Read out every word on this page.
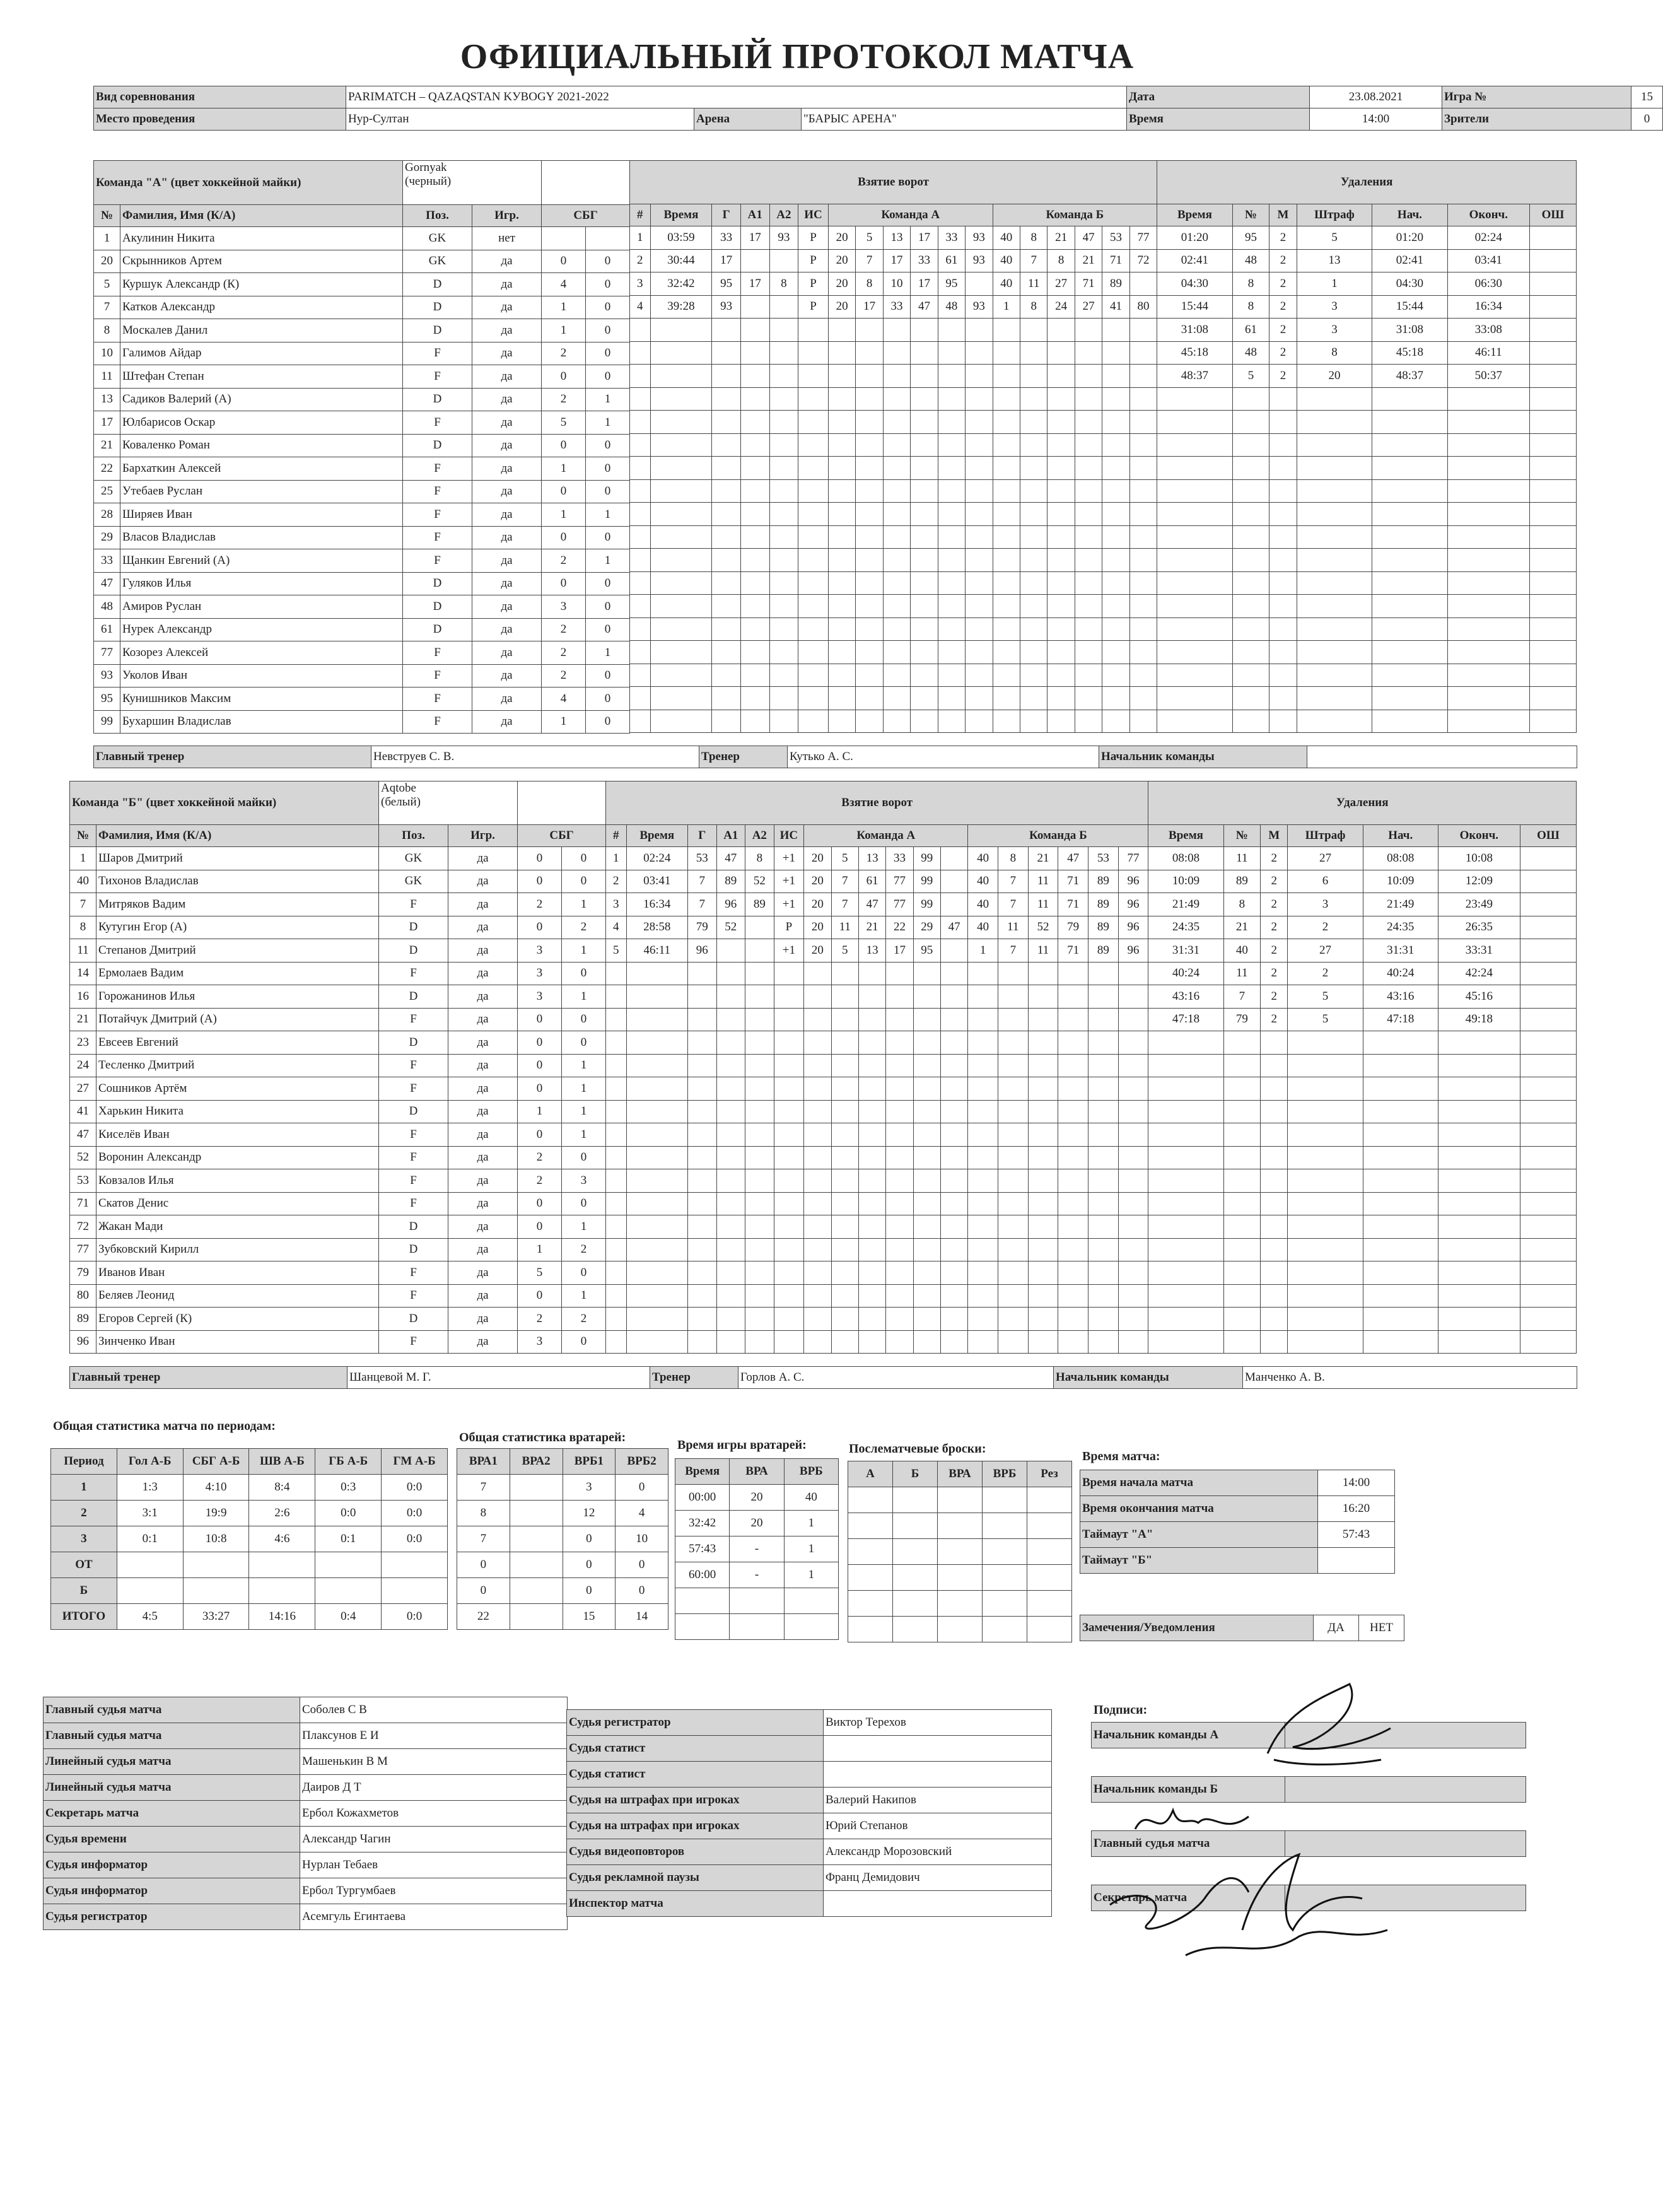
ОФИЦИАЛЬНЫЙ ПРОТОКОЛ МАТЧА
Вид соревнования	PARIMATCH – QAZAQSTAN KУBOGY 2021-2022			Дата	23.08.2021	Игра №	15
Место проведения	Нур-Султан	Арена	"БАРЫС АРЕНА"	Время	14:00	Зрители	0
Команда "А" (цвет хоккейной майки)		Gornyak
(черный)			

№	Фамилия, Имя (К/А)	Поз.	Игр.	СБГ	
1	Акулинин Никита	GK	нет		
20	Скрынников Артем	GK	да	0	0
5	Куршук Александр (К)	D	да	4	0
7	Катков Александр	D	да	1	0
8	Москалев Данил	D	да	1	0
10	Галимов Айдар	F	да	2	0
11	Штефан Степан	F	да	0	0
13	Садиков Валерий (А)	D	да	2	1
17	Юлбарисов Оскар	F	да	5	1
21	Коваленко Роман	D	да	0	0
22	Бархаткин Алексей	F	да	1	0
25	Утебаев Руслан	F	да	0	0
28	Ширяев Иван	F	да	1	1
29	Власов Владислав	F	да	0	0
33	Щанкин Евгений (А)	F	да	2	1
47	Гуляков Илья	D	да	0	0
48	Амиров Руслан	D	да	3	0
61	Нурек Александр	D	да	2	0
77	Козорез Алексей	F	да	2	1
93	Уколов Иван	F	да	2	0
95	Кунишников Максим	F	да	4	0
99	Бухаршин Владислав	F	да	1	0
Взятие ворот																		Удаления						
#	Время	Г	А1	А2	ИС	Команда А						Команда Б						Время	№	М	Штраф	Нач.	Оконч.	ОШ
1	03:59	33	17	93	Р	20	5	13	17	33	93	40	8	21	47	53	77	01:20	95	2	5	01:20	02:24	
2	30:44	17			Р	20	7	17	33	61	93	40	7	8	21	71	72	02:41	48	2	13	02:41	03:41	
3	32:42	95	17	8	Р	20	8	10	17	95		40	11	27	71	89		04:30	8	2	1	04:30	06:30	
4	39:28	93			Р	20	17	33	47	48	93	1	8	24	27	41	80	15:44	8	2	3	15:44	16:34	
																		31:08	61	2	3	31:08	33:08	
																		45:18	48	2	8	45:18	46:11	
																		48:37	5	2	20	48:37	50:37	

Главный тренер	Невструев С. В.	Тренер	Кутько А. С.	Начальник команды	
Команда "Б" (цвет хоккейной майки)		Aqtobe
(белый)			

№	Фамилия, Имя (К/А)	Поз.	Игр.	СБГ	
1	Шаров Дмитрий	GK	да	0	0
40	Тихонов Владислав	GK	да	0	0
7	Митряков Вадим	F	да	2	1
8	Кутугин Егор (А)	D	да	0	2
11	Степанов Дмитрий	D	да	3	1
14	Ермолаев Вадим	F	да	3	0
16	Горожанинов Илья	D	да	3	1
21	Потайчук Дмитрий (А)	F	да	0	0
23	Евсеев Евгений	D	да	0	0
24	Тесленко Дмитрий	F	да	0	1
27	Сошников Артём	F	да	0	1
41	Харькин Никита	D	да	1	1
47	Киселёв Иван	F	да	0	1
52	Воронин Александр	F	да	2	0
53	Ковзалов Илья	F	да	2	3
71	Скатов Денис	F	да	0	0
72	Жакан Мади	D	да	0	1
77	Зубковский Кирилл	D	да	1	2
79	Иванов Иван	F	да	5	0
80	Беляев Леонид	F	да	0	1
89	Егоров Сергей (К)	D	да	2	2
96	Зинченко Иван	F	да	3	0
Взятие ворот																		Удаления						
#	Время	Г	А1	А2	ИС	Команда А						Команда Б						Время	№	М	Штраф	Нач.	Оконч.	ОШ
1	02:24	53	47	8	+1	20	5	13	33	99		40	8	21	47	53	77	08:08	11	2	27	08:08	10:08	
2	03:41	7	89	52	+1	20	7	61	77	99		40	7	11	71	89	96	10:09	89	2	6	10:09	12:09	
3	16:34	7	96	89	+1	20	7	47	77	99		40	7	11	71	89	96	21:49	8	2	3	21:49	23:49	
4	28:58	79	52		Р	20	11	21	22	29	47	40	11	52	79	89	96	24:35	21	2	2	24:35	26:35	
5	46:11	96			+1	20	5	13	17	95		1	7	11	71	89	96	31:31	40	2	27	31:31	33:31	
																		40:24	11	2	2	40:24	42:24	
																		43:16	7	2	5	43:16	45:16	
																		47:18	79	2	5	47:18	49:18	

Главный тренер	Шанцевой М. Г.	Тренер	Горлов А. С.	Начальник команды	Манченко А. В.
Общая статистика матча по периодам:
Период	Гол А-Б	СБГ А-Б	ШВ А-Б	ГБ А-Б	ГМ А-Б
1	1:3	4:10	8:4	0:3	0:0
2	3:1	19:9	2:6	0:0	0:0
3	0:1	10:8	4:6	0:1	0:0
ОТ					
Б					
ИТОГО	4:5	33:27	14:16	0:4	0:0
Общая статистика вратарей:
ВРА1	ВРА2	ВРБ1	ВРБ2
7		3	0
8		12	4
7		0	10
0		0	0
0		0	0
22		15	14
Время игры вратарей:
Время	ВРА	ВРБ
00:00	20	40
32:42	20	1
57:43	-	1
60:00	-	1

Послематчевые броски:
А	Б	ВРА	ВРБ	Рез

Время матча:
Время начала матча	14:00
Время окончания матча	16:20
Таймаут "А"	57:43
Таймаут "Б"	
Замечения/Уведомления	ДА	НЕТ
Главный судья матча	Соболев С В
Главный судья матча	Плаксунов Е И
Линейный судья матча	Машенькин В М
Линейный судья матча	Даиров Д Т
Секретарь матча	Ербол Кожахметов
Судья времени	Александр Чагин
Судья информатор	Нурлан Тебаев
Судья информатор	Ербол Тургумбаев
Судья регистратор	Асемгуль Егинтаева
Судья регистратор	Виктор Терехов
Судья статист	
Судья статист	
Судья на штрафах при игроках	Валерий Накипов
Судья на штрафах при игроках	Юрий Степанов
Судья видеоповторов	Александр Морозовский
Судья рекламной паузы	Франц Демидович
Инспектор матча	
Подписи:
Начальник команды А	

Начальник команды Б	

Главный судья матча	

Секретарь матча	
